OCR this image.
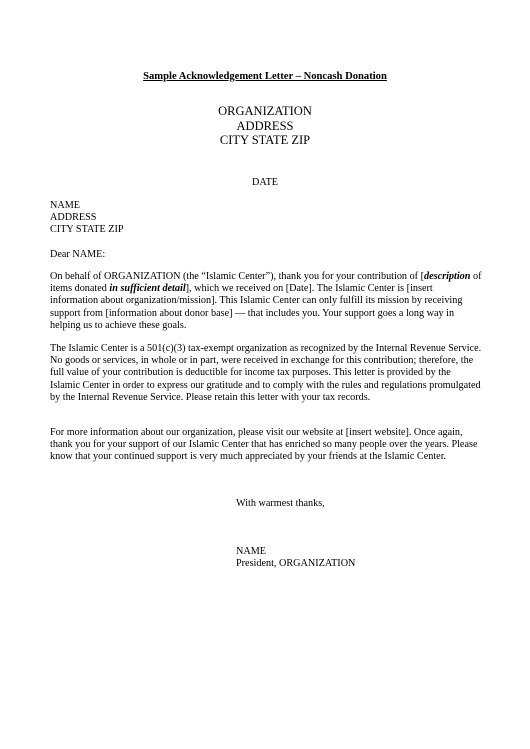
Sample Acknowledgement Letter – Noncash Donation
ORGANIZATION
ADDRESS
CITY STATE ZIP
DATE
NAME
ADDRESS
CITY STATE ZIP
Dear NAME:

On behalf of ORGANIZATION (the “Islamic Center”), thank you for your contribution of [description of items donated in sufficient detail], which we received on [Date]. The Islamic Center is [insert information about organization/mission]. This Islamic Center can only fulfill its mission by receiving support from [information about donor base] — that includes you. Your support goes a long way in helping us to achieve these goals.

The Islamic Center is a 501(c)(3) tax-exempt organization as recognized by the Internal Revenue Service. No goods or services, in whole or in part, were received in exchange for this contribution; therefore, the full value of your contribution is deductible for income tax purposes. This letter is provided by the Islamic Center in order to express our gratitude and to comply with the rules and regulations promulgated by the Internal Revenue Service. Please retain this letter with your tax records.

For more information about our organization, please visit our website at [insert website]. Once again, thank you for your support of our Islamic Center that has enriched so many people over the years. Please know that your continued support is very much appreciated by your friends at the Islamic Center.

With warmest thanks,
NAME
President, ORGANIZATION
